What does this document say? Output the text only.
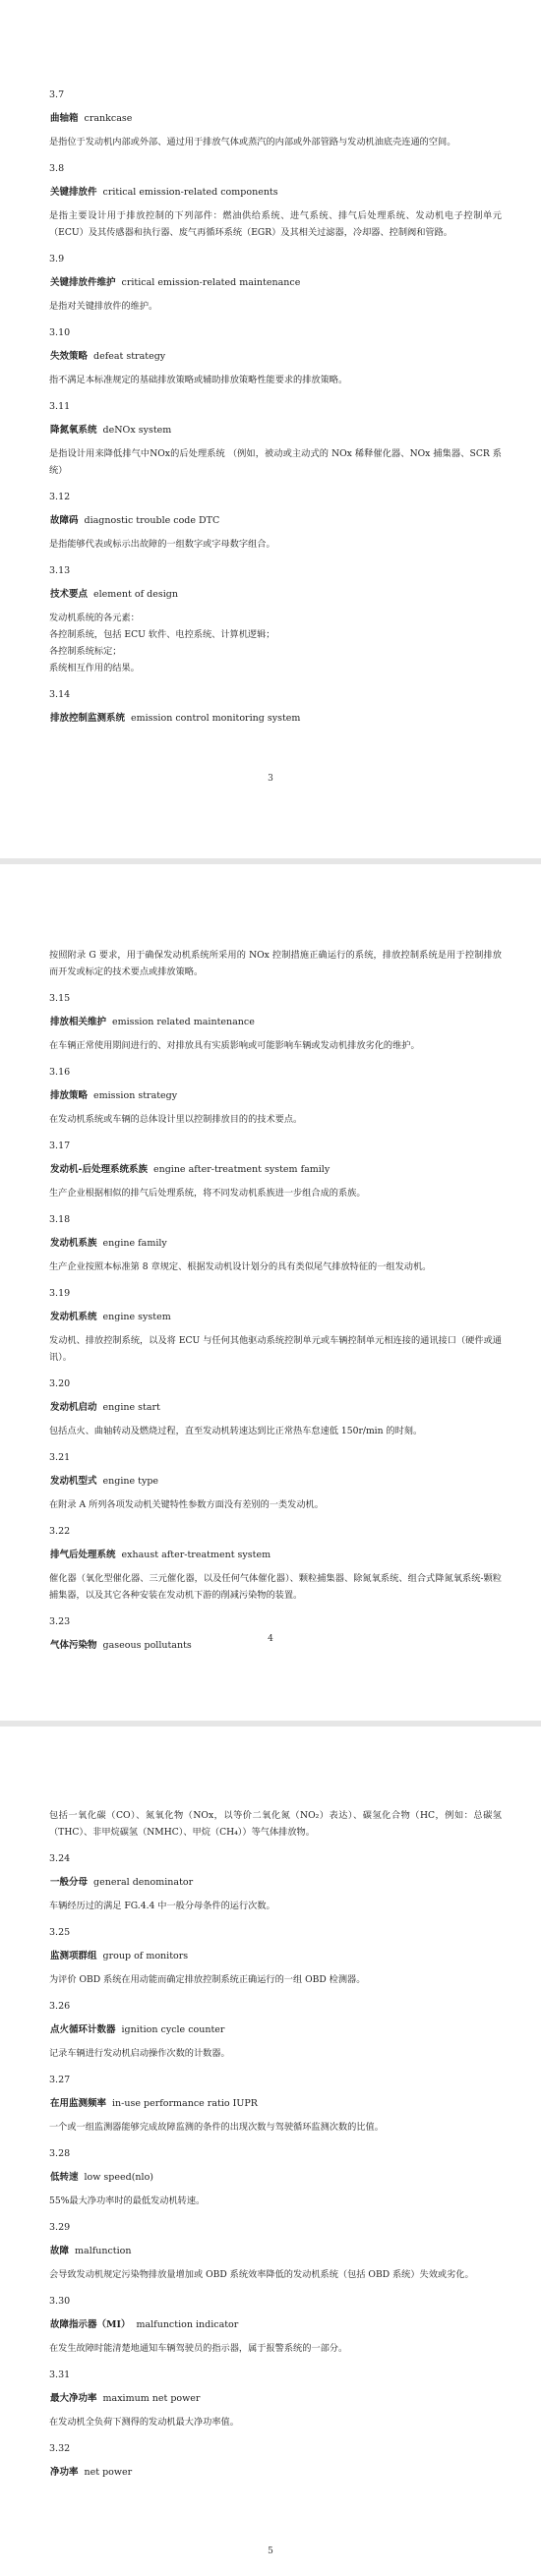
3.7
曲轴箱 crankcase
是指位于发动机内部或外部、通过用于排放气体或蒸汽的内部或外部管路与发动机油底壳连通的空间。
3.8
关键排放件 critical emission-related components
是指主要设计用于排放控制的下列部件：燃油供给系统、进气系统、排气后处理系统、发动机电子控制单元（ECU）及其传感器和执行器、废气再循环系统（EGR）及其相关过滤器，冷却器、控制阀和管路。
3.9
关键排放件维护 critical emission-related maintenance
是指对关键排放件的维护。
3.10
失效策略 defeat strategy
指不满足本标准规定的基础排放策略或辅助排放策略性能要求的排放策略。
3.11
降氮氧系统 deNOx system
是指设计用来降低排气中NOx的后处理系统 （例如，被动或主动式的 NOx 稀释催化器、NOx 捕集器、SCR 系统）
3.12
故障码 diagnostic trouble code DTC
是指能够代表或标示出故障的一组数字或字母数字组合。
3.13
技术要点 element of design
发动机系统的各元素：
各控制系统，包括 ECU 软件、电控系统、计算机逻辑；
各控制系统标定；
系统相互作用的结果。
3.14
排放控制监测系统 emission control monitoring system
3
按照附录 G 要求，用于确保发动机系统所采用的 NOx 控制措施正确运行的系统，排放控制系统是用于控制排放而开发或标定的技术要点或排放策略。
3.15
排放相关维护 emission related maintenance
在车辆正常使用期间进行的、对排放具有实质影响或可能影响车辆或发动机排放劣化的维护。
3.16
排放策略 emission strategy
在发动机系统或车辆的总体设计里以控制排放目的的技术要点。
3.17
发动机-后处理系统系族 engine after-treatment system family
生产企业根据相似的排气后处理系统，将不同发动机系族进一步组合成的系族。
3.18
发动机系族 engine family
生产企业按照本标准第 8 章规定、根据发动机设计划分的具有类似尾气排放特征的一组发动机。
3.19
发动机系统 engine system
发动机、排放控制系统，以及将 ECU 与任何其他驱动系统控制单元或车辆控制单元相连接的通讯接口（硬件或通讯）。
3.20
发动机启动 engine start
包括点火、曲轴转动及燃烧过程，直至发动机转速达到比正常热车怠速低 150r/min 的时刻。
3.21
发动机型式 engine type
在附录 A 所列各项发动机关键特性参数方面没有差别的一类发动机。
3.22
排气后处理系统 exhaust after-treatment system
催化器（氧化型催化器、三元催化器，以及任何气体催化器）、颗粒捕集器、除氮氧系统、组合式降氮氧系统-颗粒捕集器，以及其它各种安装在发动机下游的削减污染物的装置。
3.23
气体污染物 gaseous pollutants
4
包括一氧化碳（CO）、氮氧化物（NOx，以等价二氧化氮（NO₂）表达）、碳氢化合物（HC，例如：总碳氢（THC）、非甲烷碳氢（NMHC）、甲烷（CH₄））等气体排放物。
3.24
一般分母 general denominator
车辆经历过的满足 FG.4.4 中一般分母条件的运行次数。
3.25
监测项群组 group of monitors
为评价 OBD 系统在用动能而确定排放控制系统正确运行的一组 OBD 检测器。
3.26
点火循环计数器 ignition cycle counter
记录车辆进行发动机启动操作次数的计数器。
3.27
在用监测频率 in-use performance ratio IUPR
一个或一组监测器能够完成故障监测的条件的出现次数与驾驶循环监测次数的比值。
3.28
低转速 low speed(nlo)
55%最大净功率时的最低发动机转速。
3.29
故障 malfunction
会导致发动机规定污染物排放量增加或 OBD 系统效率降低的发动机系统（包括 OBD 系统）失效或劣化。
3.30
故障指示器（MI） malfunction indicator
在发生故障时能清楚地通知车辆驾驶员的指示器，属于报警系统的一部分。
3.31
最大净功率 maximum net power
在发动机全负荷下测得的发动机最大净功率值。
3.32
净功率 net power
5
